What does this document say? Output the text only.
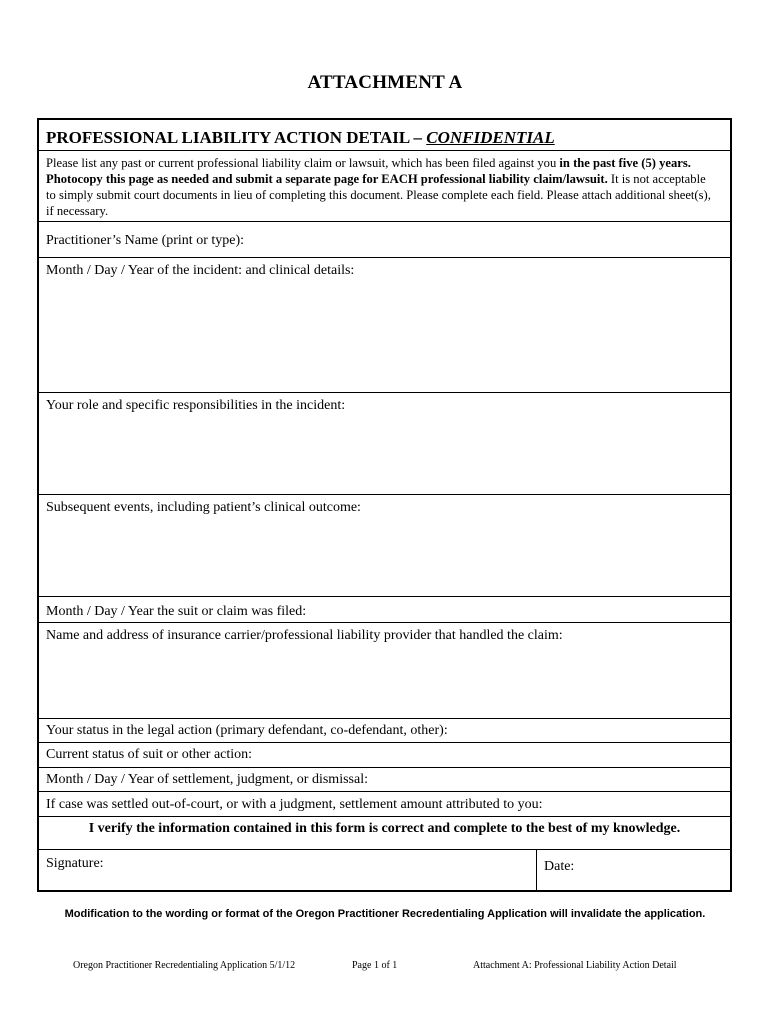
ATTACHMENT A
PROFESSIONAL LIABILITY ACTION DETAIL – CONFIDENTIAL
Please list any past or current professional liability claim or lawsuit, which has been filed against you in the past five (5) years. Photocopy this page as needed and submit a separate page for EACH professional liability claim/lawsuit. It is not acceptable to simply submit court documents in lieu of completing this document. Please complete each field. Please attach additional sheet(s), if necessary.
Practitioner’s Name (print or type):
Month / Day / Year of the incident: and clinical details:
Your role and specific responsibilities in the incident:
Subsequent events, including patient’s clinical outcome:
Month / Day / Year the suit or claim was filed:
Name and address of insurance carrier/professional liability provider that handled the claim:
Your status in the legal action (primary defendant, co-defendant, other):
Current status of suit or other action:
Month / Day / Year of settlement, judgment, or dismissal:
If case was settled out-of-court, or with a judgment, settlement amount attributed to you:
I verify the information contained in this form is correct and complete to the best of my knowledge.
Signature:	Date:
Modification to the wording or format of the Oregon Practitioner Recredentialing Application will invalidate the application.
Oregon Practitioner Recredentialing Application 5/1/12	Page 1 of 1	Attachment A: Professional Liability Action Detail
